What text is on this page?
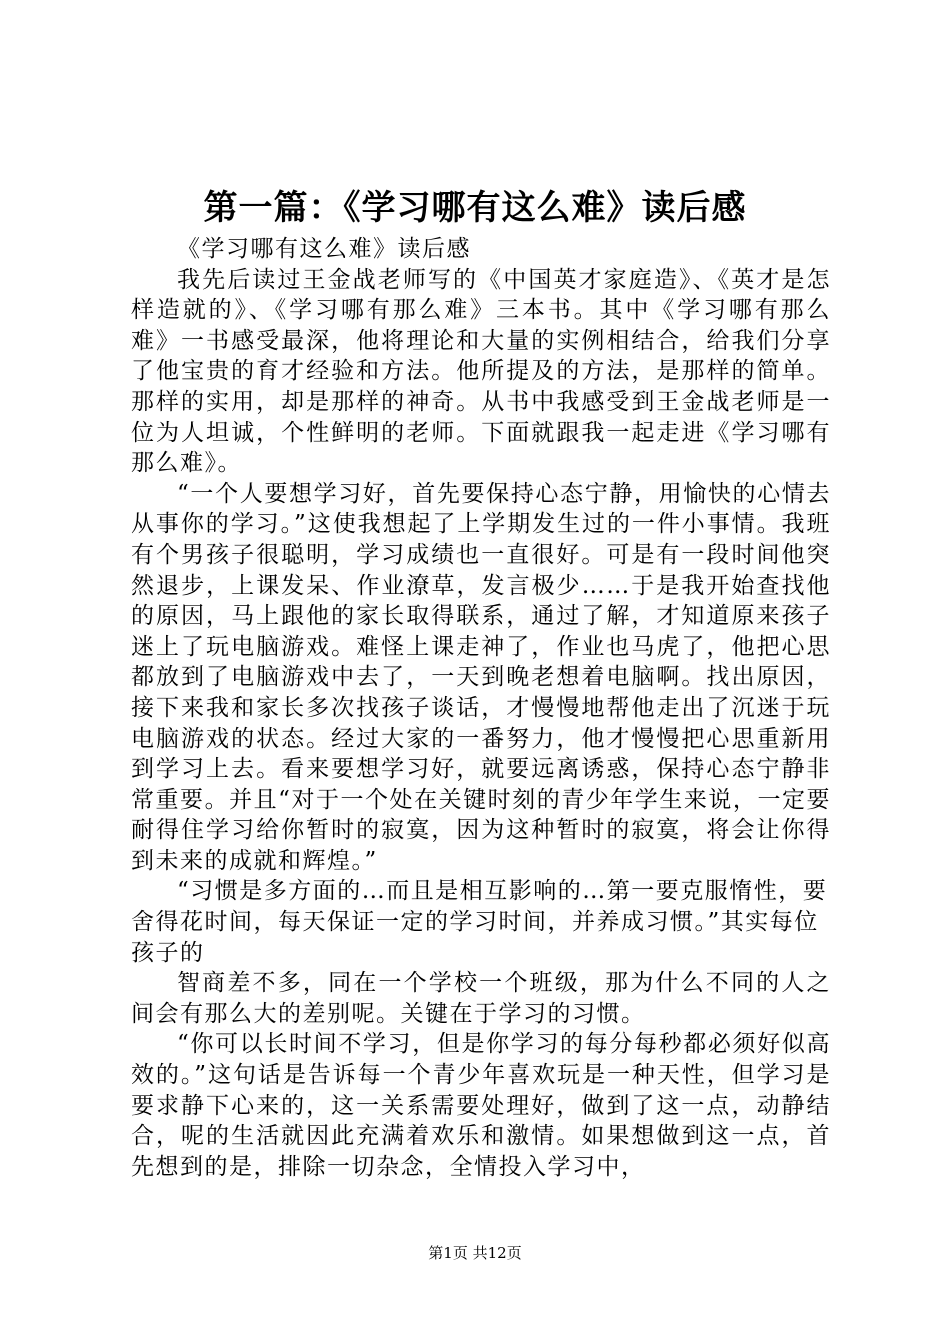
第一篇：《学习哪有这么难》读后感

《学习哪有这么难》读后感

我先后读过王金战老师写的《中国英才家庭造》、《英才是怎样造就的》、《学习哪有那么难》三本书。其中《学习哪有那么难》一书感受最深，他将理论和大量的实例相结合，给我们分享了他宝贵的育才经验和方法。他所提及的方法，是那样的简单。那样的实用，却是那样的神奇。从书中我感受到王金战老师是一位为人坦诚，个性鲜明的老师。下面就跟我一起走进《学习哪有那么难》。

“一个人要想学习好，首先要保持心态宁静，用愉快的心情去从事你的学习。”这使我想起了上学期发生过的一件小事情。我班有个男孩子很聪明，学习成绩也一直很好。可是有一段时间他突然退步，上课发呆、作业潦草，发言极少……于是我开始查找他的原因，马上跟他的家长取得联系，通过了解，才知道原来孩子迷上了玩电脑游戏。难怪上课走神了，作业也马虎了，他把心思都放到了电脑游戏中去了，一天到晚老想着电脑啊。找出原因，接下来我和家长多次找孩子谈话，才慢慢地帮他走出了沉迷于玩电脑游戏的状态。经过大家的一番努力，他才慢慢把心思重新用到学习上去。看来要想学习好，就要远离诱惑，保持心态宁静非常重要。并且“对于一个处在关键时刻的青少年学生来说，一定要耐得住学习给你暂时的寂寞，因为这种暂时的寂寞，将会让你得到未来的成就和辉煌。”

“习惯是多方面的…而且是相互影响的…第一要克服惰性，要舍得花时间，每天保证一定的学习时间，并养成习惯。”其实每位孩子的

智商差不多，同在一个学校一个班级，那为什么不同的人之间会有那么大的差别呢。关键在于学习的习惯。

“你可以长时间不学习，但是你学习的每分每秒都必须好似高效的。”这句话是告诉每一个青少年喜欢玩是一种天性，但学习是要求静下心来的，这一关系需要处理好，做到了这一点，动静结合，呢的生活就因此充满着欢乐和激情。如果想做到这一点，首先想到的是，排除一切杂念，全情投入学习中，

第1页 共12页
